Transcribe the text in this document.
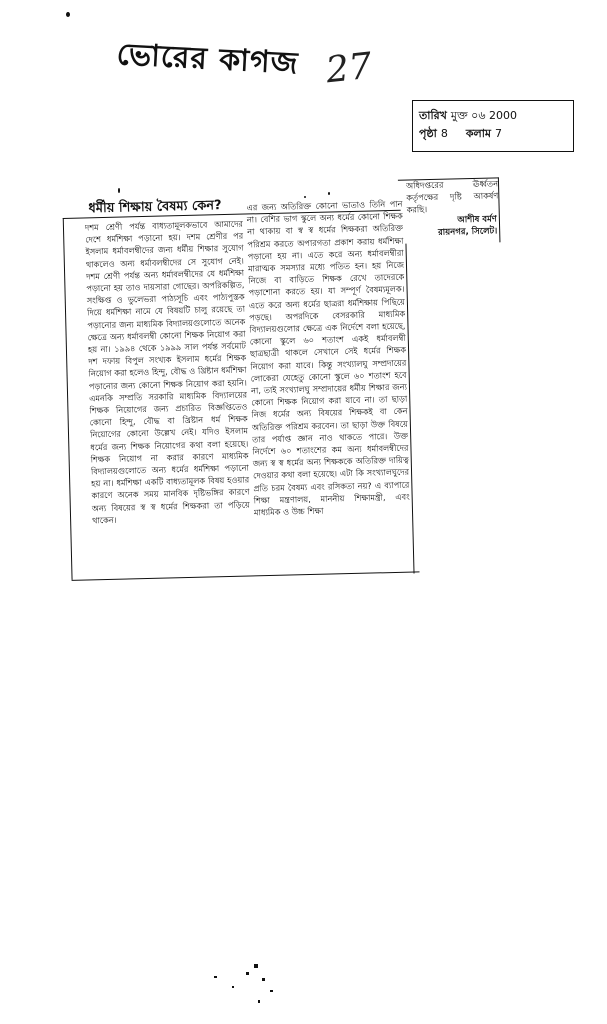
ভোরের কাগজ 27
তারিখ মুক্ত ০৬ 2000
পৃষ্ঠা 8 কলাম 7
ধর্মীয় শিক্ষায় বৈষম্য কেন?
দশম শ্রেণী পর্যন্ত বাধ্যতামূলকভাবে আমাদের দেশে ধর্মশিক্ষা পড়ানো হয়। দশম শ্রেণীর পর ইসলাম ধর্মাবলম্বীদের জন্য ধর্মীয় শিক্ষার সুযোগ থাকলেও অন্য ধর্মাবলম্বীদের সে সুযোগ নেই। দশম শ্রেণী পর্যন্ত অন্য ধর্মাবলম্বীদের যে ধর্মশিক্ষা পড়ানো হয় তাও দায়সারা গোছের। অপরিকল্পিত, সংক্ষিপ্ত ও ভুলেভরা পাঠ্যসূচি এবং পাঠ্যপুস্তক দিয়ে ধর্মশিক্ষা নামে যে বিষয়টি চালু রয়েছে তা পড়ানোর জন্য মাধ্যমিক বিদ্যালয়গুলোতে অনেক ক্ষেত্রে অন্য ধর্মাবলম্বী কোনো শিক্ষক নিয়োগ করা হয় না। ১৯৯৪ থেকে ১৯৯৯ সাল পর্যন্ত সর্বমোট দশ দফায় বিপুল সংখ্যক ইসলাম ধর্মের শিক্ষক নিয়োগ করা হলেও হিন্দু, বৌদ্ধ ও খ্রিষ্টান ধর্মশিক্ষা পড়ানোর জন্য কোনো শিক্ষক নিয়োগ করা হয়নি। এমনকি সম্প্রতি সরকারি মাধ্যমিক বিদ্যালয়ের শিক্ষক নিয়োগের জন্য প্রচারিত বিজ্ঞপ্তিতেও কোনো হিন্দু, বৌদ্ধ বা খ্রিষ্টান ধর্ম শিক্ষক নিয়োগের কোনো উল্লেখ নেই। যদিও ইসলাম ধর্মের জন্য শিক্ষক নিয়োগের কথা বলা হয়েছে। শিক্ষক নিয়োগ না করার কারণে মাধ্যমিক বিদ্যালয়গুলোতে অন্য ধর্মের ধর্মশিক্ষা পড়ানো হয় না। ধর্মশিক্ষা একটি বাধ্যতামূলক বিষয় হওয়ার কারণে অনেক সময় মানবিক দৃষ্টিভঙ্গির কারণে অন্য বিষয়ের স্ব স্ব ধর্মের শিক্ষকরা তা পড়িয়ে থাকেন।
এর জন্য অতিরিক্ত কোনো ভাতাও তিনি পান না। বেশির ভাগ স্কুলে অন্য ধর্মের কোনো শিক্ষক না থাকায় বা স্ব স্ব ধর্মের শিক্ষকরা অতিরিক্ত পরিশ্রম করতে অপারগতা প্রকাশ করায় ধর্মশিক্ষা পড়ানো হয় না। এতে করে অন্য ধর্মাবলম্বীরা মারাত্মক সমস্যার মধ্যে পতিত হন। হয় নিজে নিজে বা বাড়িতে শিক্ষক রেখে তাদেরকে পড়াশোনা করতে হয়। যা সম্পূর্ণ বৈষম্যমূলক। এতে করে অন্য ধর্মের ছাত্ররা ধর্মশিক্ষায় পিছিয়ে পড়ছে। অপরদিকে বেসরকারি মাধ্যমিক বিদ্যালয়গুলোর ক্ষেত্রে এক নির্দেশে বলা হয়েছে, কোনো স্কুলে ৬০ শতাংশ একই ধর্মাবলম্বী ছাত্রছাত্রী থাকলে সেখানে সেই ধর্মের শিক্ষক নিয়োগ করা যাবে। কিন্তু সংখ্যালঘু সম্প্রদায়ের লোকেরা যেহেতু কোনো স্কুলে ৬০ শতাংশ হবে না, তাই সংখ্যালঘু সম্প্রদায়ের ধর্মীয় শিক্ষার জন্য কোনো শিক্ষক নিয়োগ করা যাবে না। তা ছাড়া নিজ ধর্মের অন্য বিষয়ের শিক্ষকই বা কেন অতিরিক্ত পরিশ্রম করবেন। তা ছাড়া উক্ত বিষয়ে তার পর্যাপ্ত জ্ঞান নাও থাকতে পারে। উক্ত নির্দেশে ৬০ শতাংশের কম অন্য ধর্মাবলম্বীদের জন্য স্ব স্ব ধর্মের অন্য শিক্ষককে অতিরিক্ত দায়িত্ব দেওয়ার কথা বলা হয়েছে। এটা কি সংখ্যালঘুদের প্রতি চরম বৈষম্য এবং রসিকতা নয়? এ ব্যাপারে শিক্ষা মন্ত্রণালয়, মাননীয় শিক্ষামন্ত্রী, এবং মাধ্যমিক ও উচ্চ শিক্ষা
অধিদপ্তরের ঊর্ধ্বতন কর্তৃপক্ষের দৃষ্টি আকর্ষণ করছি।
আশীষ বর্মণ
রায়নগর, সিলেট।
